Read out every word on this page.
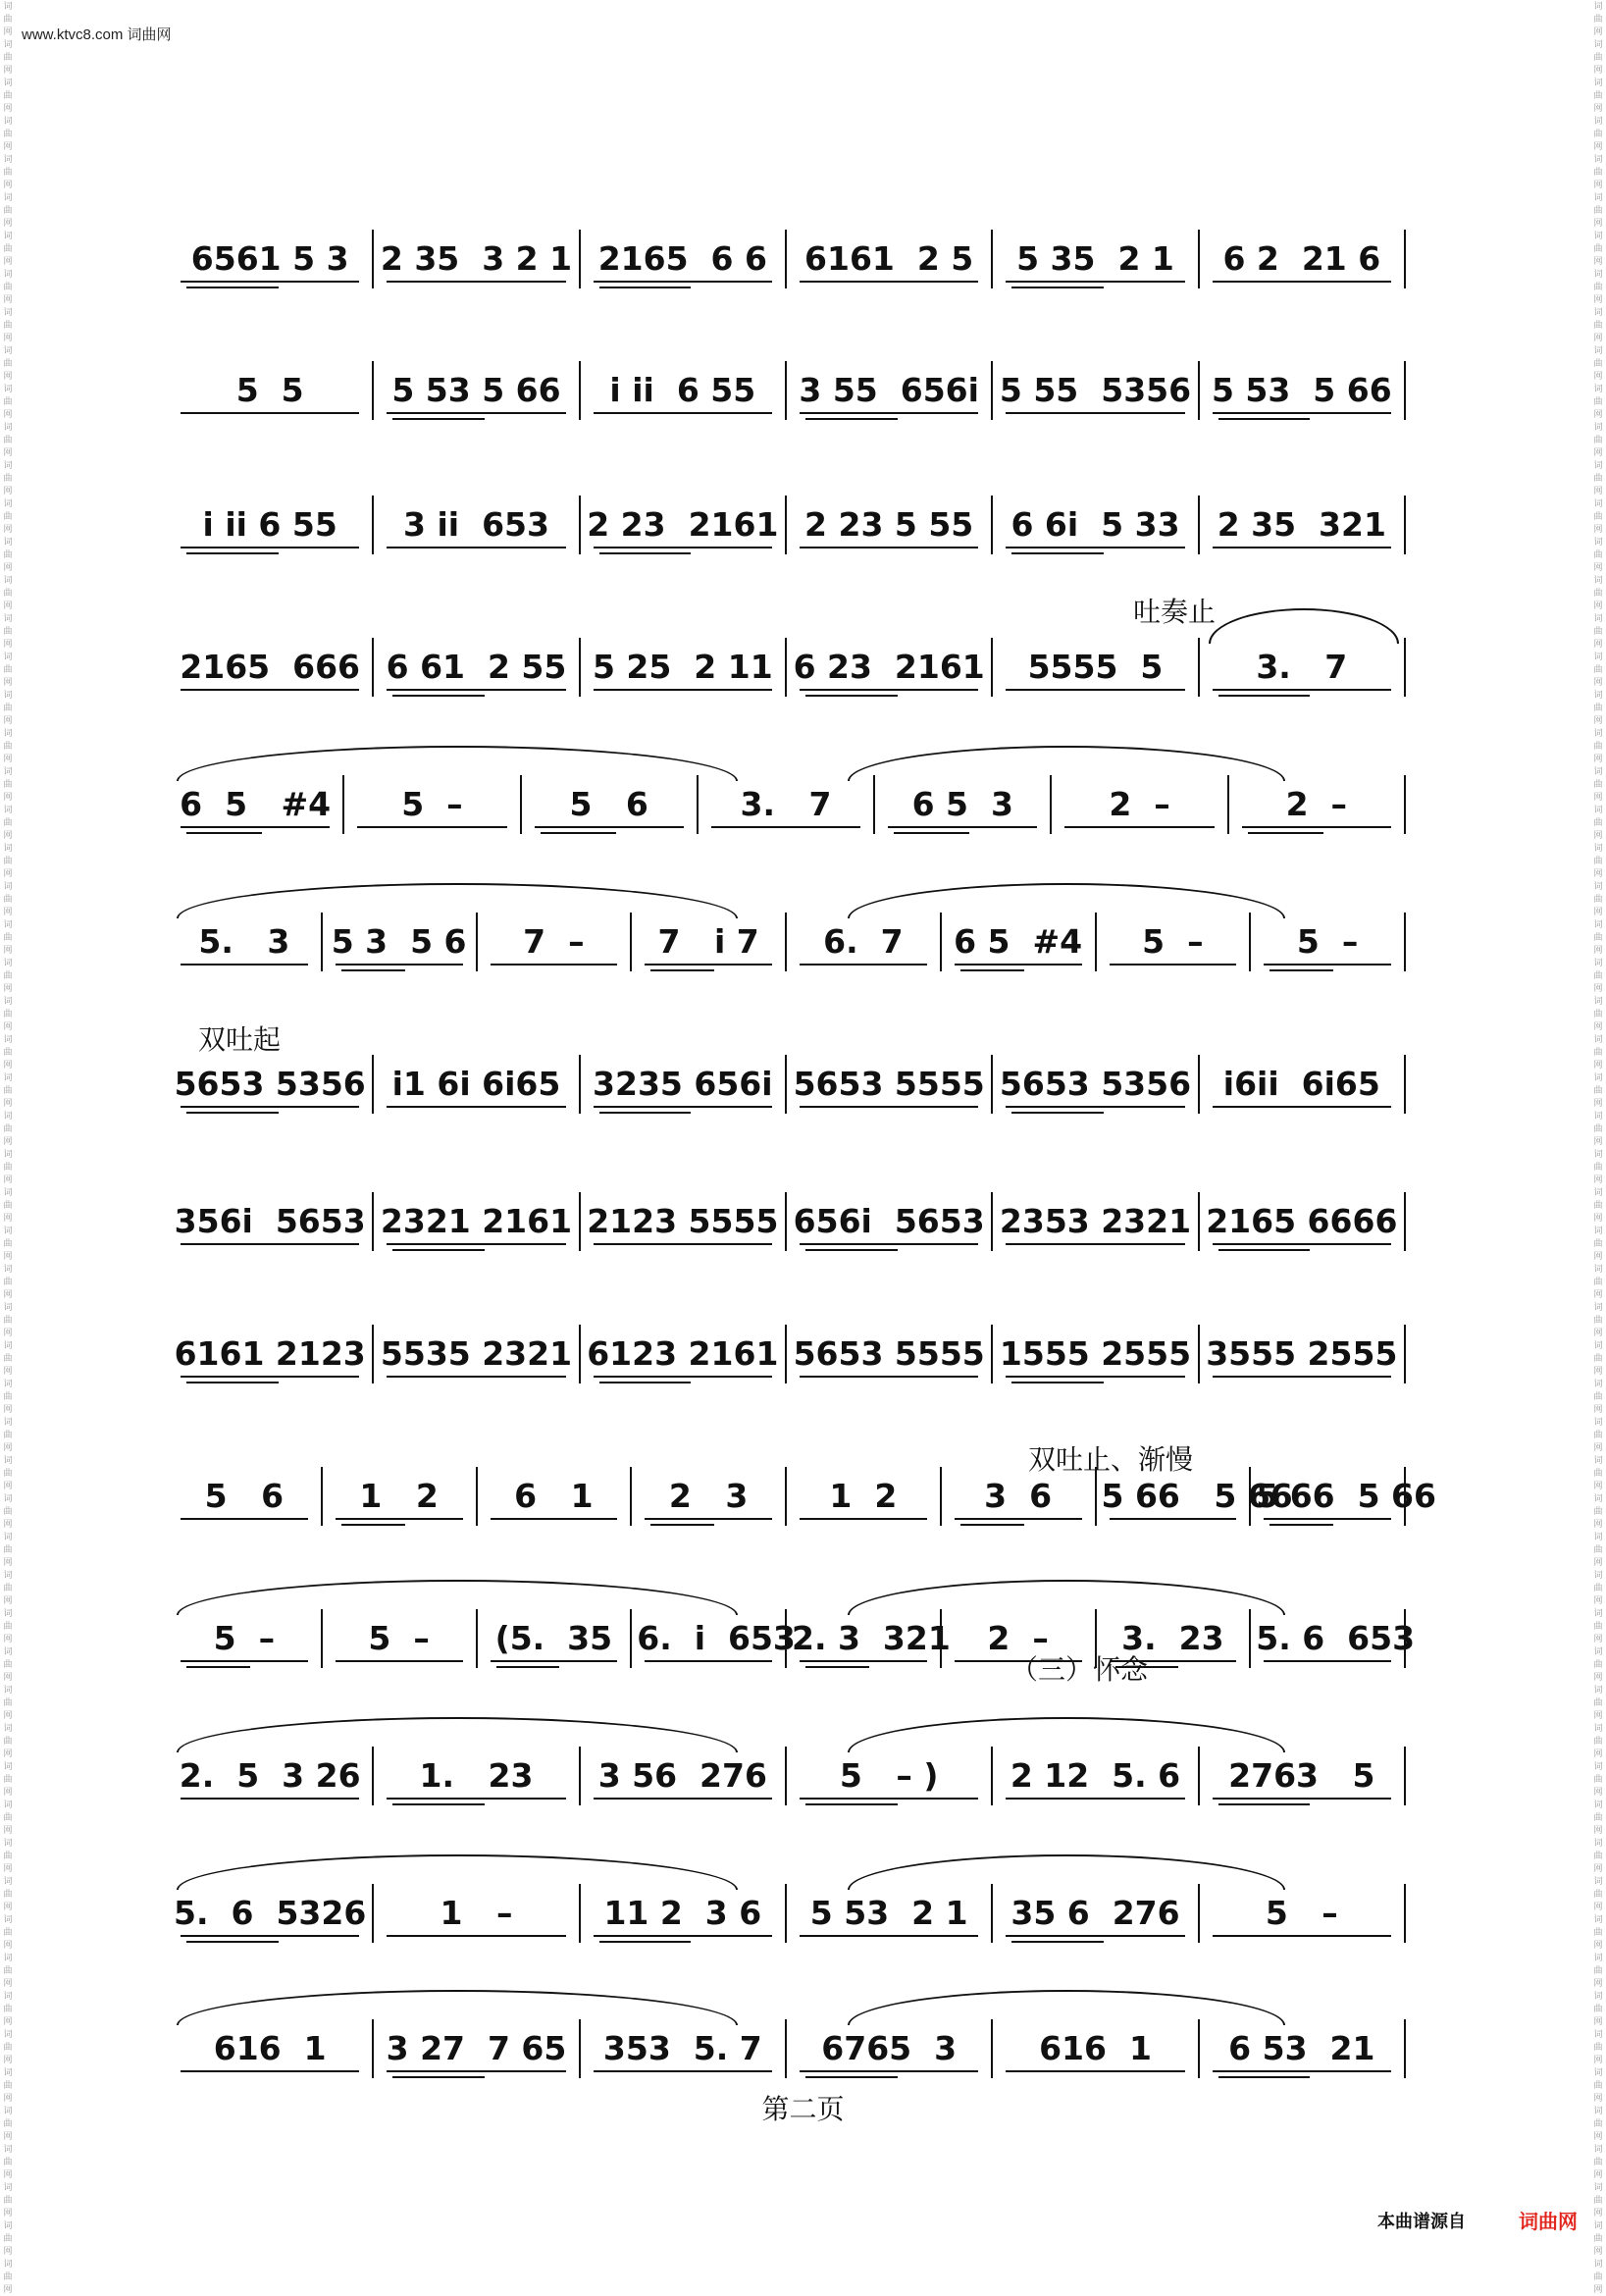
www.ktvc8.com 词曲网
词曲网词曲网词曲网词曲网词曲网词曲网词曲网词曲网词曲网词曲网词曲网词曲网词曲网词曲网词曲网词曲网词曲网词曲网词曲网词曲网词曲网词曲网词曲网词曲网词曲网词曲网词曲网词曲网词曲网词曲网词曲网词曲网词曲网词曲网词曲网词曲网词曲网词曲网词曲网词曲网词曲网词曲网词曲网词曲网词曲网词曲网词曲网词曲网词曲网词曲网词曲网词曲网词曲网词曲网词曲网词曲网词曲网词曲网词曲网词曲网
词曲网词曲网词曲网词曲网词曲网词曲网词曲网词曲网词曲网词曲网词曲网词曲网词曲网词曲网词曲网词曲网词曲网词曲网词曲网词曲网词曲网词曲网词曲网词曲网词曲网词曲网词曲网词曲网词曲网词曲网词曲网词曲网词曲网词曲网词曲网词曲网词曲网词曲网词曲网词曲网词曲网词曲网词曲网词曲网词曲网词曲网词曲网词曲网词曲网词曲网词曲网词曲网词曲网词曲网词曲网词曲网词曲网词曲网词曲网词曲网
6561 5 3 2 35  3 2 1 2165  6 6	6161  2 5	5 35  2 1	6 2  21 6
5  5	5 53 5 66	i ii  6 55	3 55  656i 5 55  5356 5 53  5 66
i ii 6 55	3 ii  653	2 23  2161 2 23 5 55	6 6i  5 33	2 35  321
2165  666 6 61  2 55 5 25  2 11 6 23  2161	5555  5	3.   7
6  5   #4	5  –	5   6	3.   7	6 5  3	2  –	2  –
5.   3	5 3  5 6	7  –	7   i 7	6.  7	6 5  #4	5  –	5  –
5653 5356 i1 6i 6i65 3235 656i 5653 5555 5653 5356 i6ii  6i65
356i  5653 2321 2161 2123 5555 656i  5653 2353 2321 2165 6666
6161 2123 5535 2321 6123 2161 5653 5555 1555 2555 3555 2555
5   6	1   2	6   1	2   3	1  2	3  6	5 66   5 66
5 66  5 66
5  –	5  –	(5.  35 6.  i  653
2. 3  321	2  –	3.  23 5. 6  653
2.  5  3 26	1.   23	3 56  276	5   – )	2 12  5. 6	2763   5
5.  6  5326	1   –	11 2  3 6	5 53  2 1	35 6  276	5   –
616  1	3 27  7 65	353  5. 7	6765  3	616  1	6 53  21
吐奏止
双吐起
双吐止、渐慢
（三）怀念
第二页
本曲谱源自	词曲网
